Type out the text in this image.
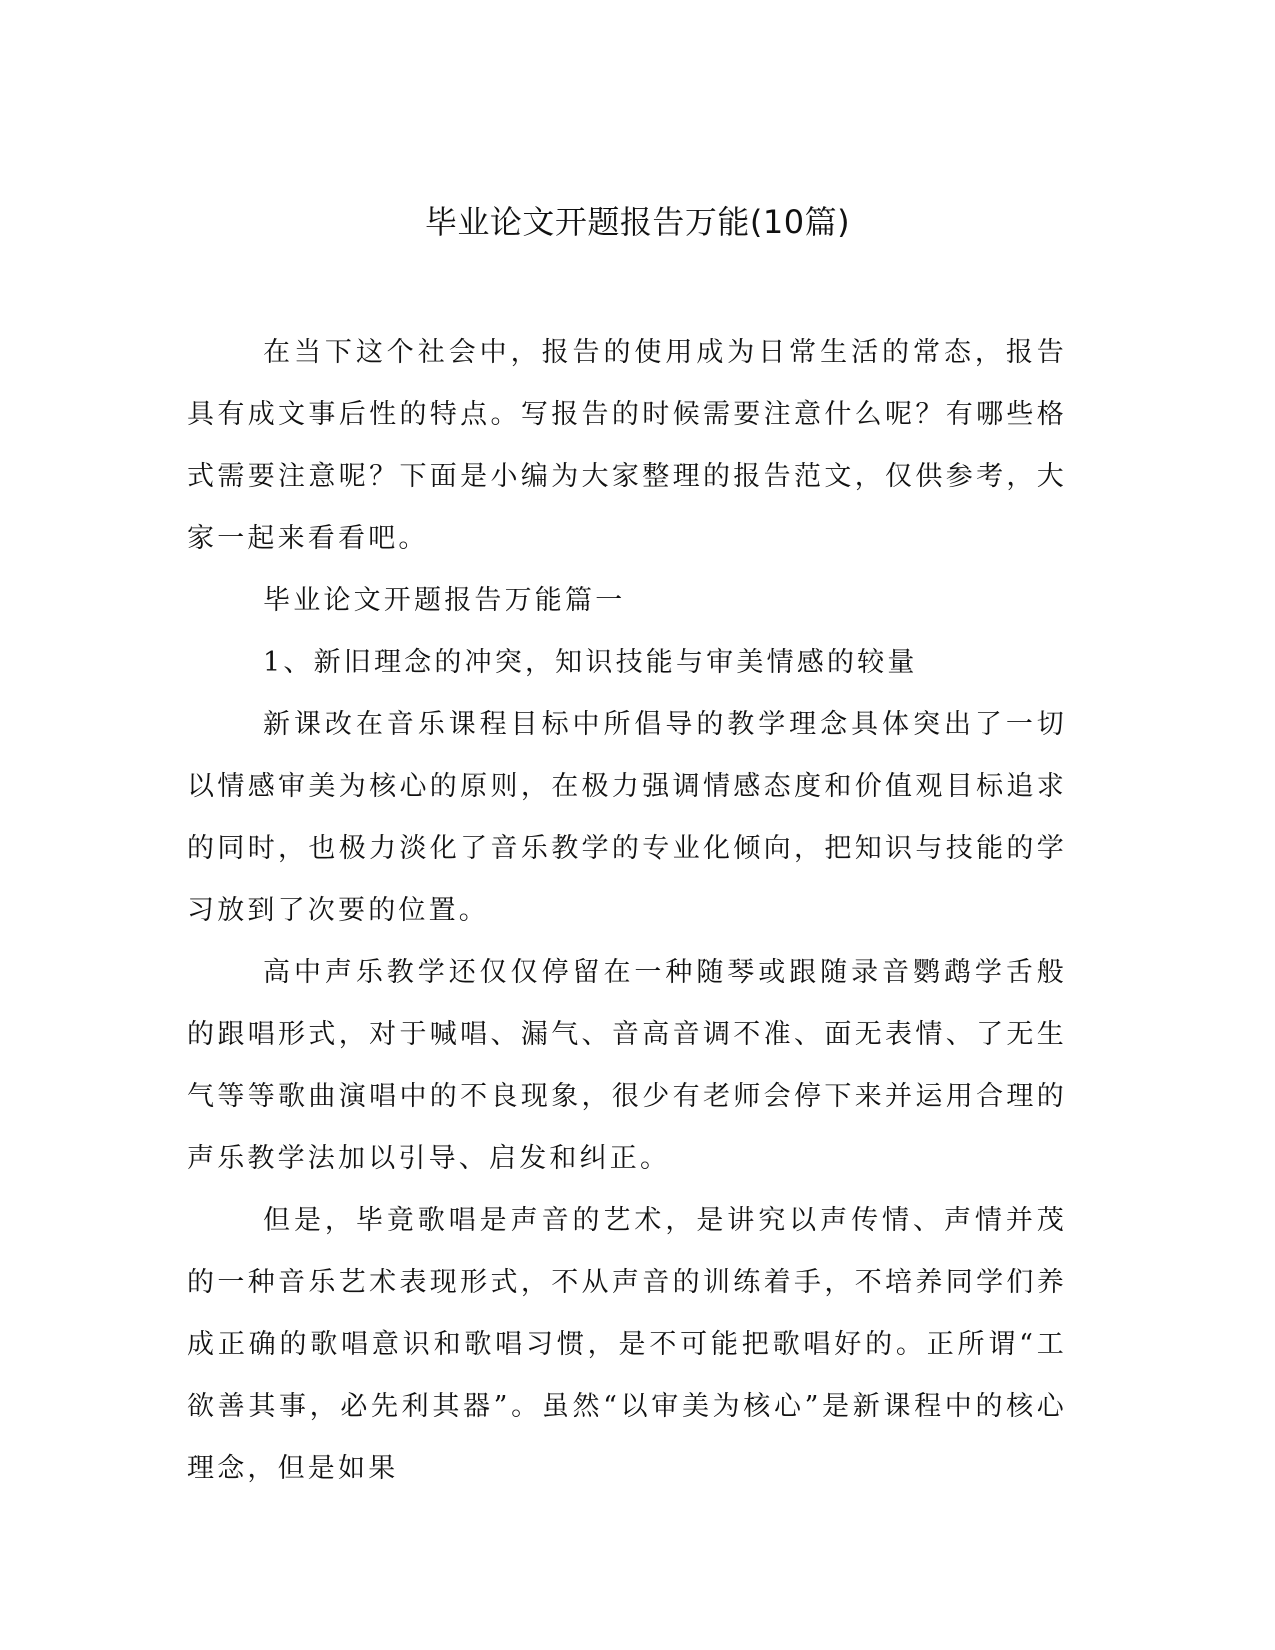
毕业论文开题报告万能(10篇)

在当下这个社会中，报告的使用成为日常生活的常态，报告具有成文事后性的特点。写报告的时候需要注意什么呢？有哪些格式需要注意呢？下面是小编为大家整理的报告范文，仅供参考，大家一起来看看吧。

毕业论文开题报告万能篇一

1、新旧理念的冲突，知识技能与审美情感的较量

新课改在音乐课程目标中所倡导的教学理念具体突出了一切以情感审美为核心的原则，在极力强调情感态度和价值观目标追求的同时，也极力淡化了音乐教学的专业化倾向，把知识与技能的学习放到了次要的位置。

高中声乐教学还仅仅停留在一种随琴或跟随录音鹦鹉学舌般的跟唱形式，对于喊唱、漏气、音高音调不准、面无表情、了无生气等等歌曲演唱中的不良现象，很少有老师会停下来并运用合理的声乐教学法加以引导、启发和纠正。

但是，毕竟歌唱是声音的艺术，是讲究以声传情、声情并茂的一种音乐艺术表现形式，不从声音的训练着手，不培养同学们养成正确的歌唱意识和歌唱习惯，是不可能把歌唱好的。正所谓“工欲善其事，必先利其器”。虽然“以审美为核心”是新课程中的核心理念，但是如果
